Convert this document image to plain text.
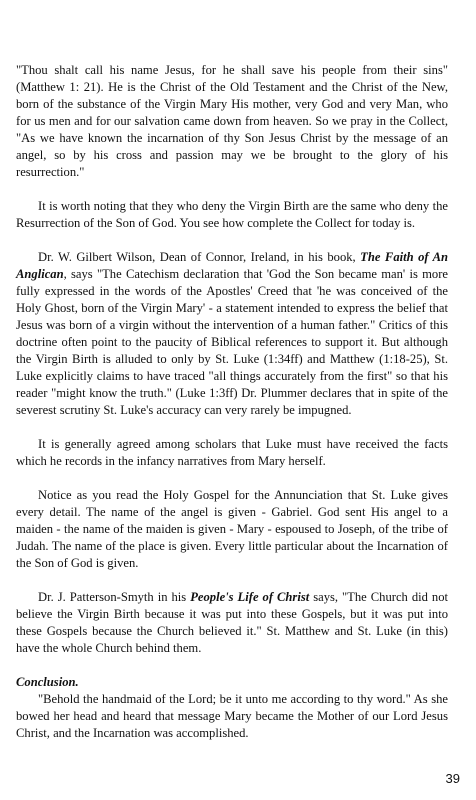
"Thou shalt call his name Jesus, for he shall save his people from their sins" (Matthew 1: 21). He is the Christ of the Old Testament and the Christ of the New, born of the substance of the Virgin Mary His mother, very God and very Man, who for us men and for our salvation came down from heaven. So we pray in the Collect, "As we have known the incarnation of thy Son Jesus Christ by the message of an angel, so by his cross and passion may we be brought to the glory of his resurrection."

It is worth noting that they who deny the Virgin Birth are the same who deny the Resurrection of the Son of God. You see how complete the Collect for today is.

Dr. W. Gilbert Wilson, Dean of Connor, Ireland, in his book, The Faith of An Anglican, says "The Catechism declaration that 'God the Son became man' is more fully expressed in the words of the Apostles' Creed that 'he was conceived of the Holy Ghost, born of the Virgin Mary' - a statement intended to express the belief that Jesus was born of a virgin without the intervention of a human father." Critics of this doctrine often point to the paucity of Biblical references to support it. But although the Virgin Birth is alluded to only by St. Luke (1:34ff) and Matthew (1:18-25), St. Luke explicitly claims to have traced "all things accurately from the first" so that his reader "might know the truth." (Luke 1:3ff) Dr. Plummer declares that in spite of the severest scrutiny St. Luke's accuracy can very rarely be impugned.

It is generally agreed among scholars that Luke must have received the facts which he records in the infancy narratives from Mary herself.

Notice as you read the Holy Gospel for the Annunciation that St. Luke gives every detail. The name of the angel is given - Gabriel. God sent His angel to a maiden - the name of the maiden is given - Mary - espoused to Joseph, of the tribe of Judah. The name of the place is given. Every little particular about the Incarnation of the Son of God is given.

Dr. J. Patterson-Smyth in his People's Life of Christ says, "The Church did not believe the Virgin Birth because it was put into these Gospels, but it was put into these Gospels because the Church believed it." St. Matthew and St. Luke (in this) have the whole Church behind them.

Conclusion.

"Behold the handmaid of the Lord; be it unto me according to thy word." As she bowed her head and heard that message Mary became the Mother of our Lord Jesus Christ, and the Incarnation was accomplished.

39
